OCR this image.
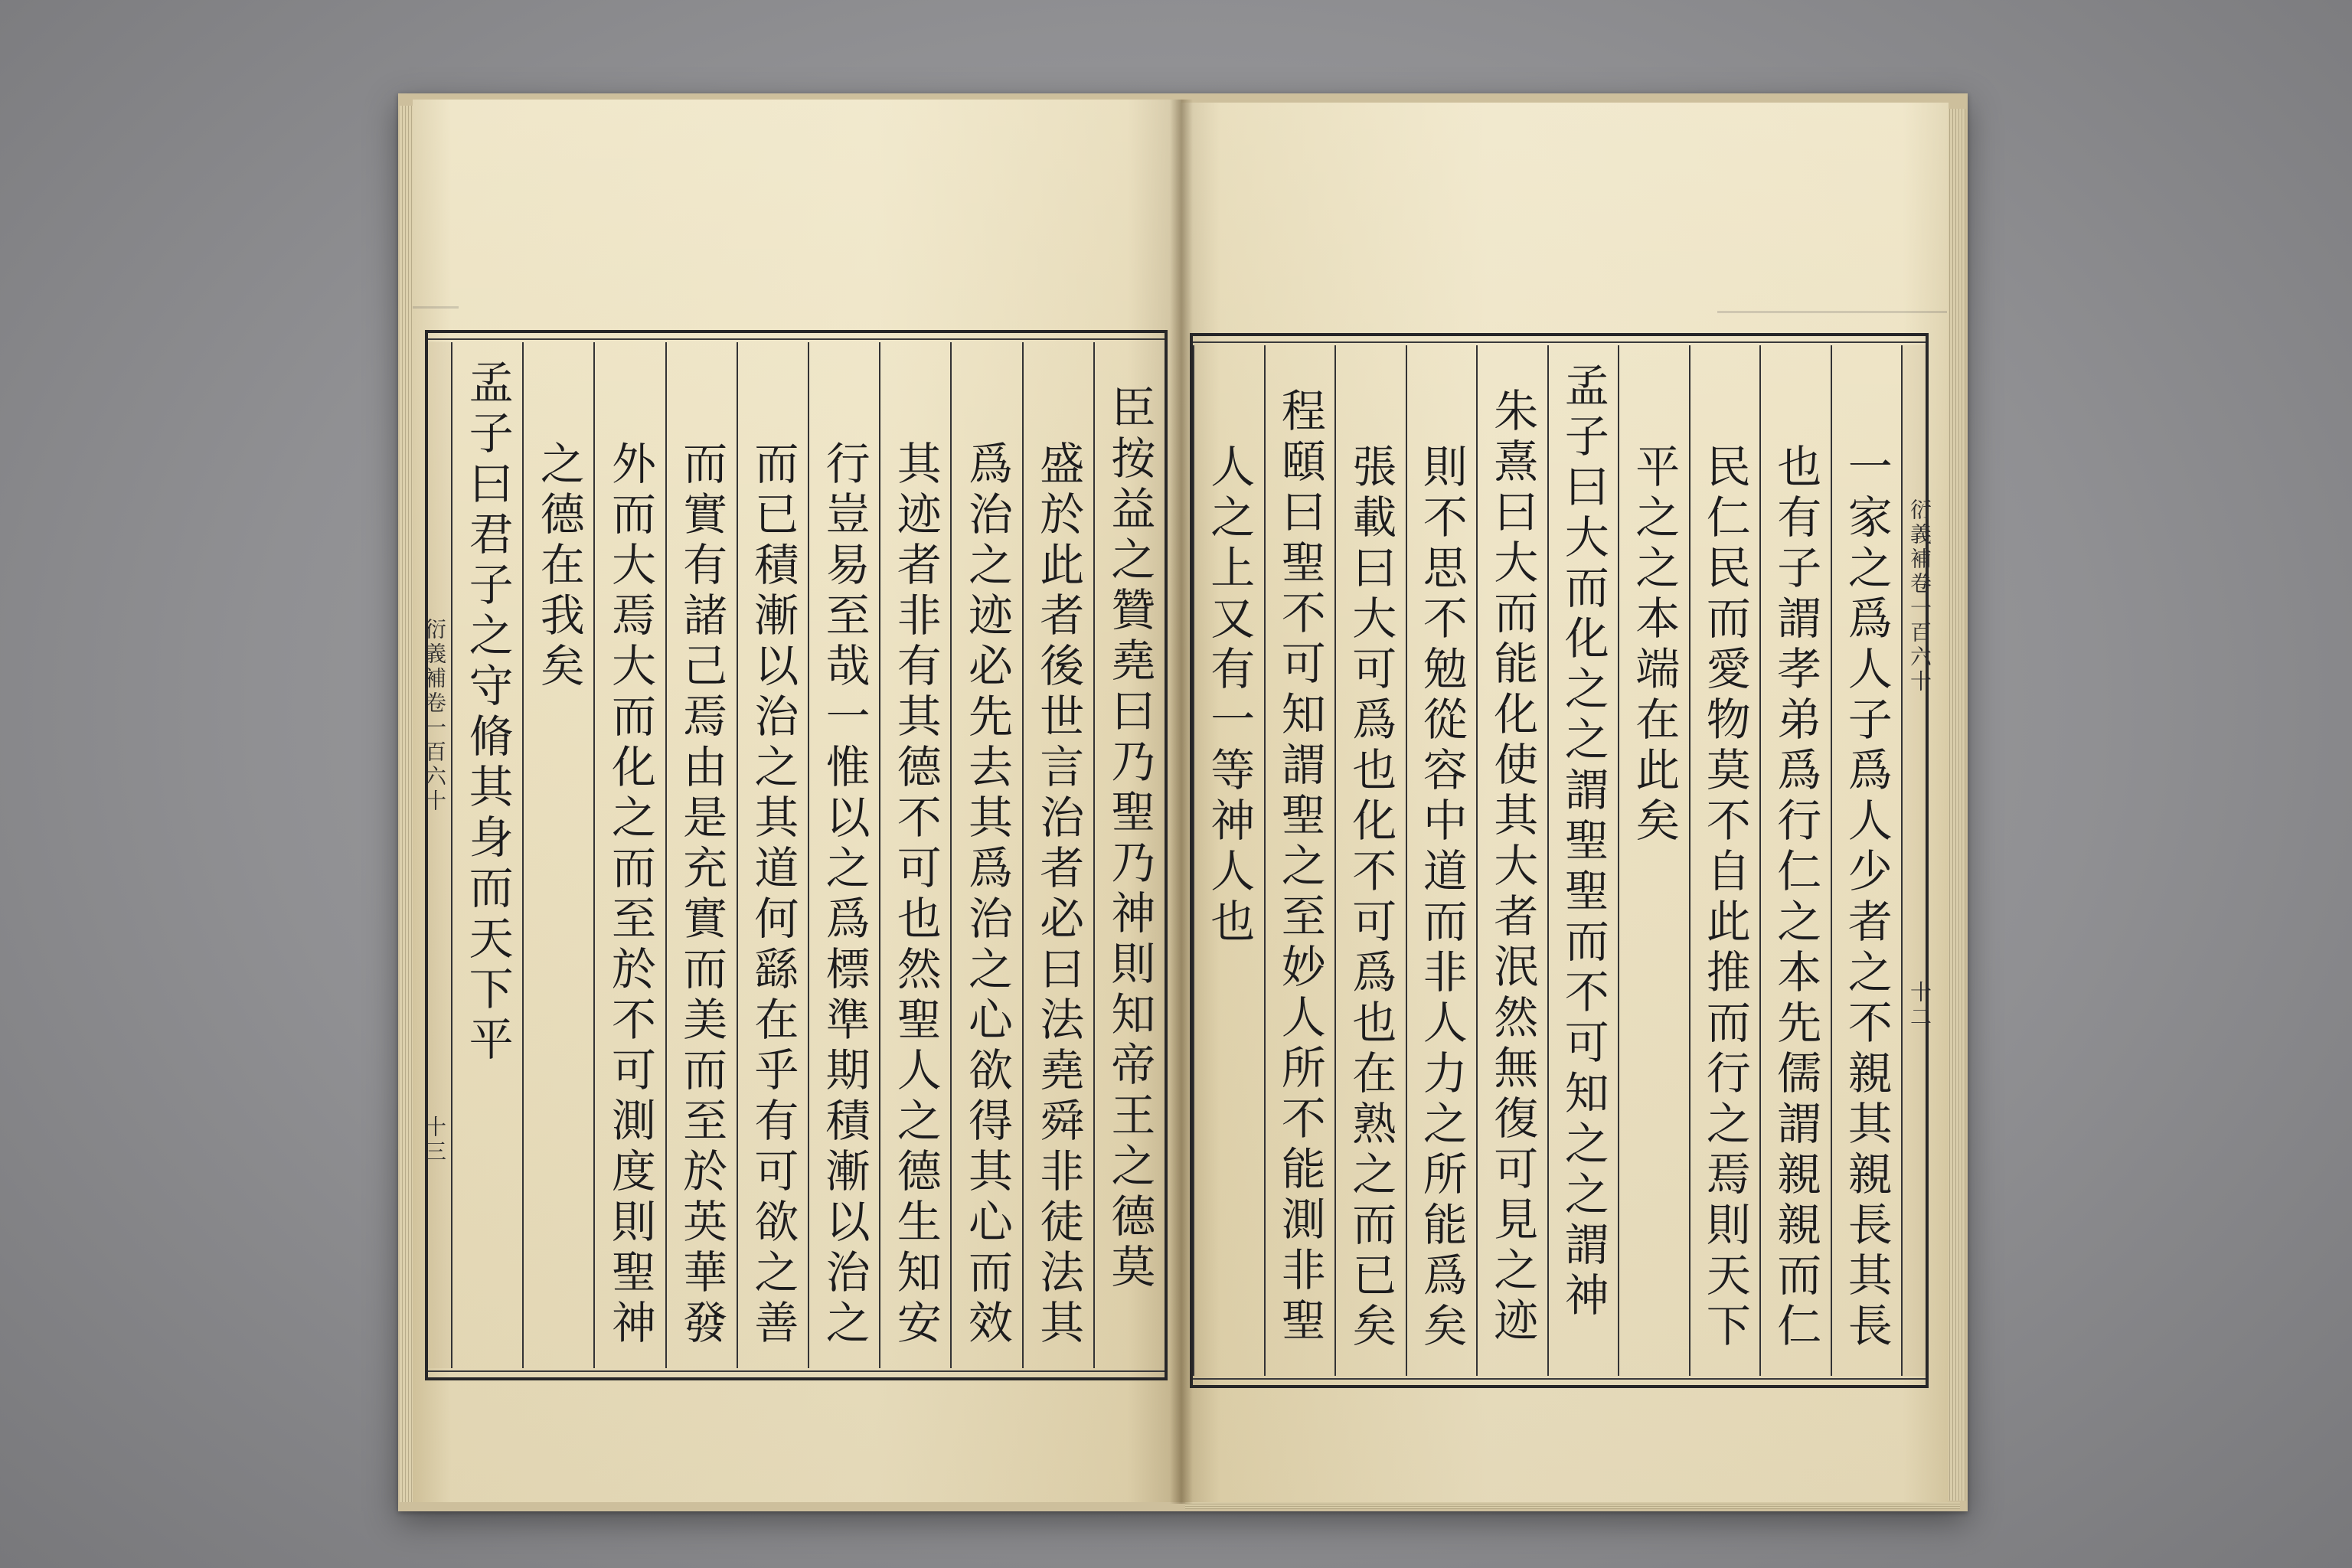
衍義補卷一百六十
十二
一家之爲人子爲人少者之不親其親長其長
也有子謂孝弟爲行仁之本先儒謂親親而仁
民仁民而愛物莫不自此推而行之焉則天下
平之之本端在此矣
孟子曰大而化之之謂聖聖而不可知之之謂神
朱熹曰大而能化使其大者泯然無復可見之迹
則不思不勉從容中道而非人力之所能爲矣
張載曰大可爲也化不可爲也在熟之而已矣
程頤曰聖不可知謂聖之至妙人所不能測非聖
人之上又有一等神人也
臣按益之贊堯曰乃聖乃神則知帝王之德莫
盛於此者後世言治者必曰法堯舜非徒法其
爲治之迹必先去其爲治之心欲得其心而效
其迹者非有其德不可也然聖人之德生知安
行豈易至哉一惟以之爲標準期積漸以治之
而已積漸以治之其道何繇在乎有可欲之善
而實有諸己焉由是充實而美而至於英華發
外而大焉大而化之而至於不可測度則聖神
之德在我矣
孟子曰君子之守脩其身而天下平
衍義補卷一百六十
十三
